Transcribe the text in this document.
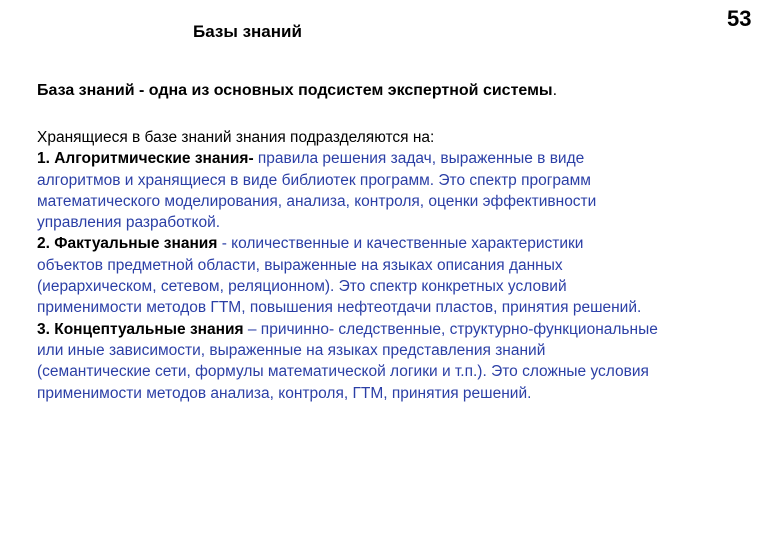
Базы знаний
53
База знаний - одна из основных подсистем экспертной системы.
Хранящиеся в базе знаний знания подразделяются на:
1. Алгоритмические знания- правила решения задач, выраженные в виде
алгоритмов и хранящиеся в виде библиотек программ. Это спектр программ
математического моделирования, анализа, контроля, оценки эффективности
управления разработкой.
2. Фактуальные знания - количественные и качественные характеристики
объектов предметной области, выраженные на языках описания данных
(иерархическом, сетевом, реляционном). Это спектр конкретных условий
применимости методов ГТМ, повышения нефтеотдачи пластов, принятия решений.
3. Концептуальные знания – причинно- следственные, структурно-функциональные
или иные зависимости, выраженные на языках представления знаний
(семантические сети, формулы математической логики и т.п.). Это сложные условия
применимости методов анализа, контроля, ГТМ, принятия решений.
